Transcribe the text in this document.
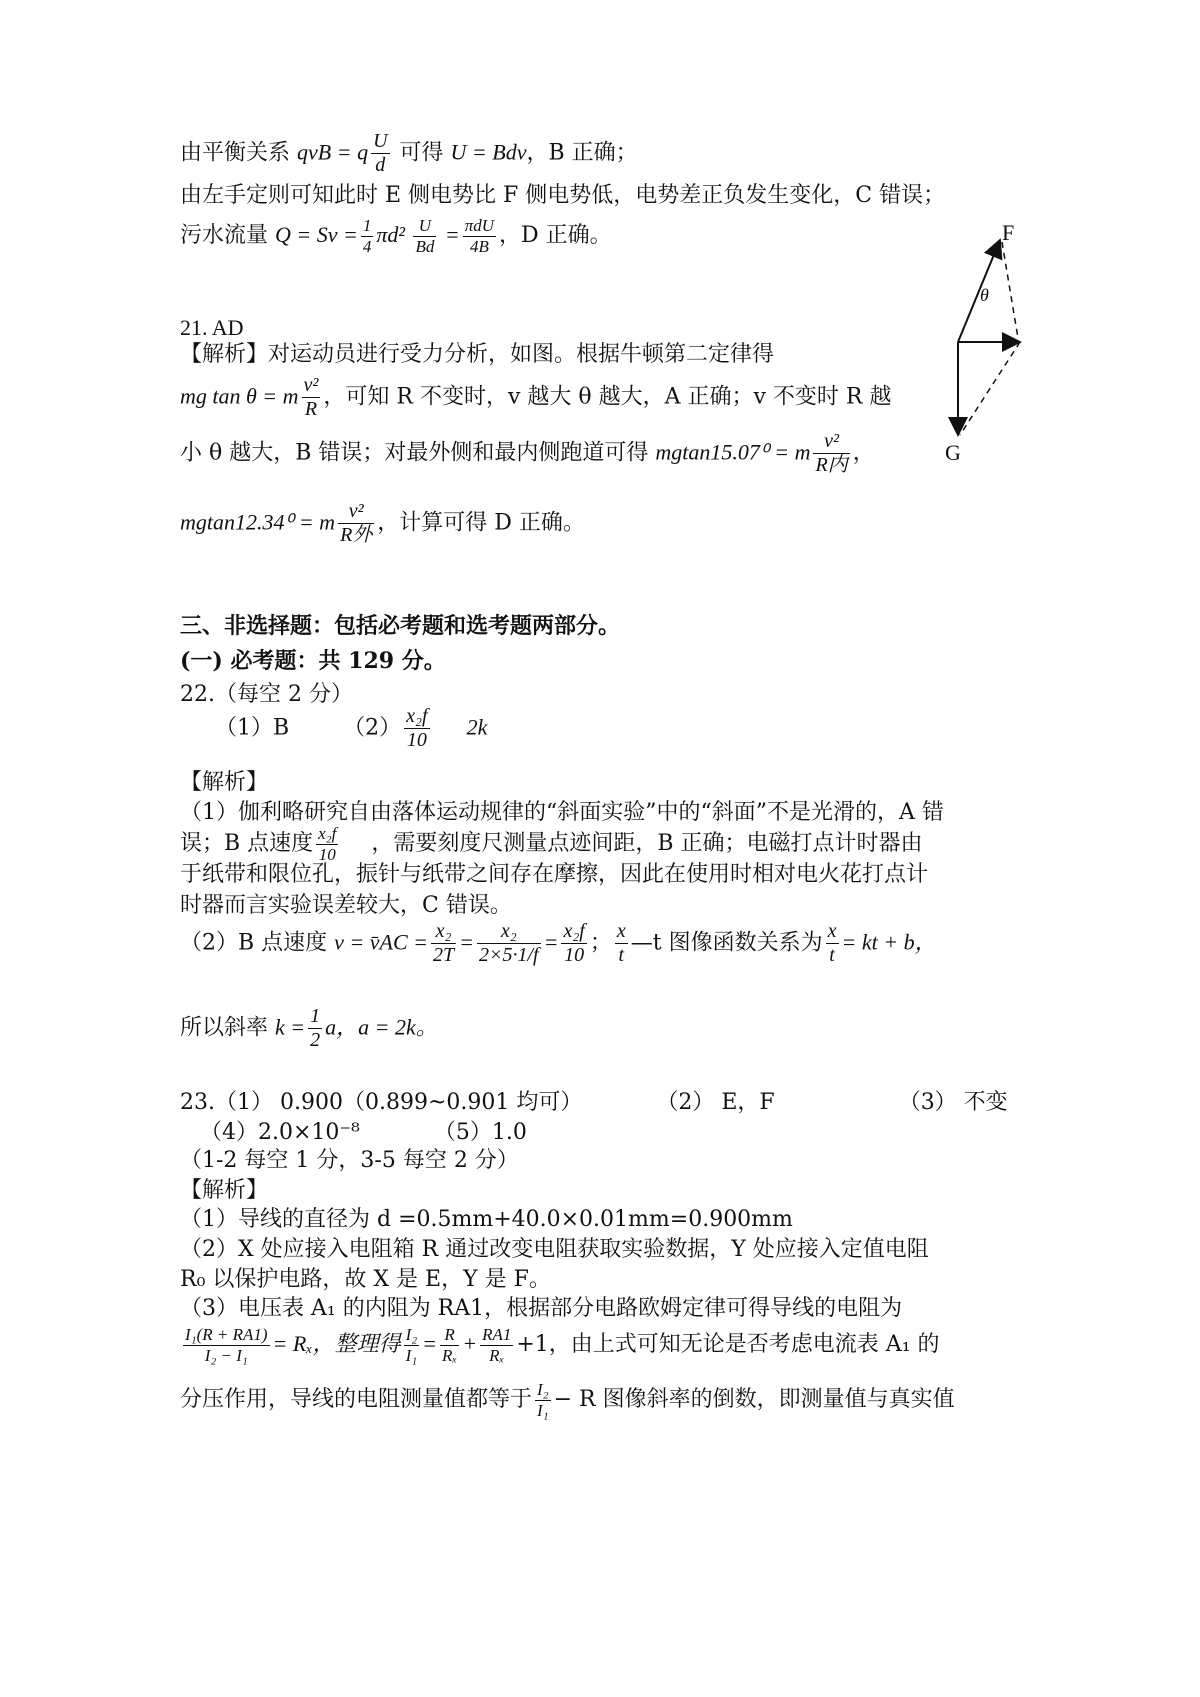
由平衡关系 qvB = q $\frac{U}{d}$ 可得 U = Bdv，B 正确；
由左手定则可知此时 E 侧电势比 F 侧电势低，电势差正负发生变化，C 错误；
污水流量 $Q = Sv = \frac{1}{4} \pi d^2 \frac{U}{Bd} = \frac{\text{πdU}}{4B}$ ，D 正确。
21. AD
【解析】对运动员进行受力分析，如图。根据牛顿第二定律得
mg tan θ = m $\frac{\text{v²}}{R}$ ，可知 R 不变时，v 越大 θ 越大，A 正确；v 不变时 R 越
小 θ 越大，B 错误；对最外侧和最内侧跑道可得 mgtan15.07⁰ = m $\frac{\text{v²}}{\text{R内}}$ ，
mgtan12.34⁰ = m $\frac{\text{v²}}{\text{R外}}$ ，计算可得 D 正确。
F
θ
G
三、非选择题：包括必考题和选考题两部分。
(一) 必考题：共 129 分。
22.（每空 2 分）
（1）B $(2) \frac{\text{x₂f}}{10} 2k$
【解析】
（1）伽利略研究自由落体运动规律的“斜面实验”中的“斜面”不是光滑的，A 错
误；B 点速度 $\frac{\text{x₂f}}{10}$ ，需要刻度尺测量点迹间距，B 正确；电磁打点计时器由
于纸带和限位孔，振针与纸带之间存在摩擦，因此在使用时相对电火花打点计
时器而言实验误差较大，C 错误。
（2）B 点速度 v = v̄AC = $\frac{\text{x₂}}{2T} = \frac{\text{x₂}}{2\times 5\cdot 1/f} = \frac{\text{x₂f}}{10}$ ； $\frac{x}{t}$ —t 图像函数关系为 $\frac{x}{t}$ = kt + b，
所以斜率 $k = \frac{1}{2}$ a，a = 2k。
23.（1） 0.900（0.899~0.901 均可）	（2） E，F	（3） 不变
（4）2.0×10⁻⁸	（5）1.0
（1-2 每空 1 分，3-5 每空 2 分）
【解析】
（1）导线的直径为 d =0.5mm+40.0×0.01mm=0.900mm
（2）X 处应接入电阻箱 R 通过改变电阻获取实验数据，Y 处应接入定值电阻
R₀ 以保护电路，故 X 是 E，Y 是 F。
（3）电压表 A₁ 的内阻为 RA1，根据部分电路欧姆定律可得导线的电阻为
$\frac{\text{I₁(R + RA1)}}{\text{I₂ − I₁}} = R_x$，整理得 $\frac{\text{I₂}}{\text{I₁}} = \frac{R}{\text{Rₓ}} + \frac{RA1}{\text{Rₓ}} +1$，由上式可知无论是否考虑电流表 A₁ 的
分压作用，导线的电阻测量值都等于 $\frac{\text{I₂}}{\text{I₁}} - R$ 图像斜率的倒数，即测量值与真实值
